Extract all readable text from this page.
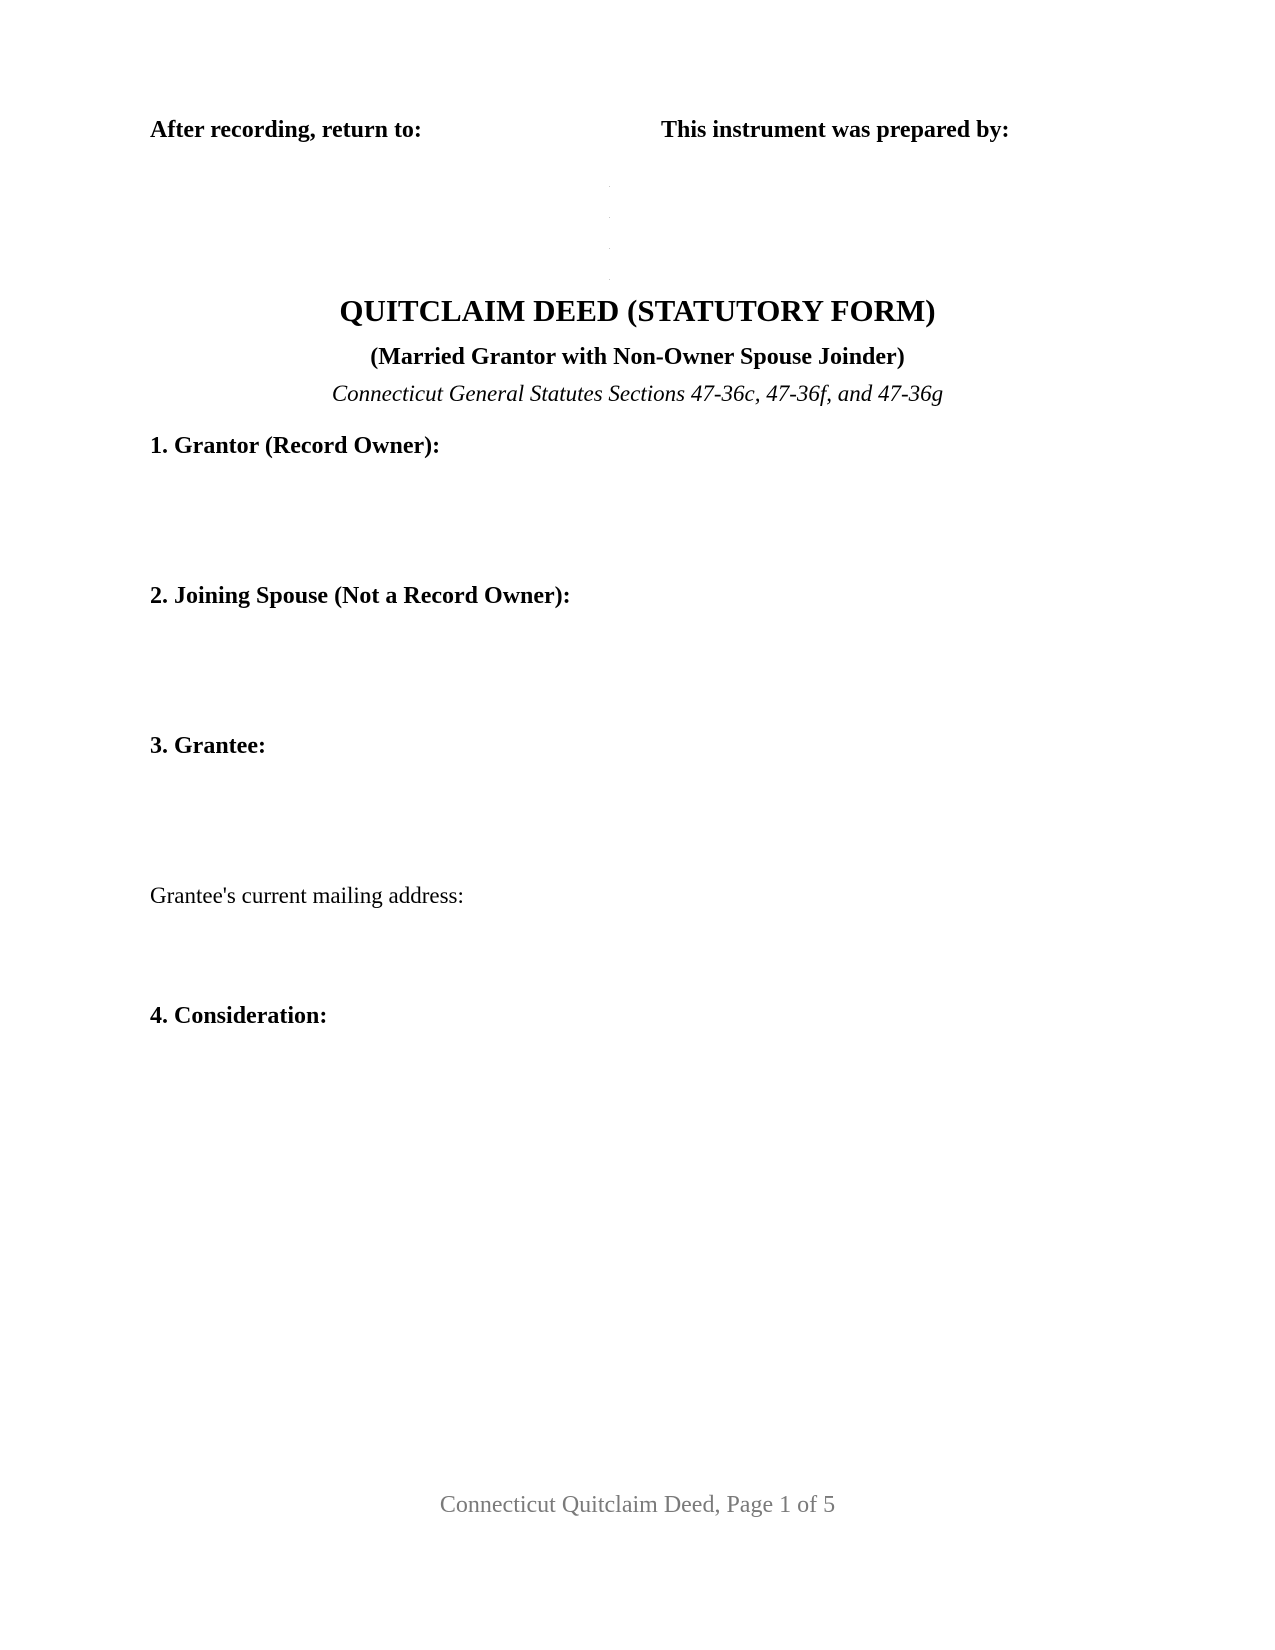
After recording, return to:	This instrument was prepared by:
QUITCLAIM DEED (STATUTORY FORM)
(Married Grantor with Non-Owner Spouse Joinder)
Connecticut General Statutes Sections 47-36c, 47-36f, and 47-36g
1. Grantor (Record Owner):
2. Joining Spouse (Not a Record Owner):
3. Grantee:
Grantee's current mailing address:
4. Consideration:
Connecticut Quitclaim Deed, Page 1 of 5
